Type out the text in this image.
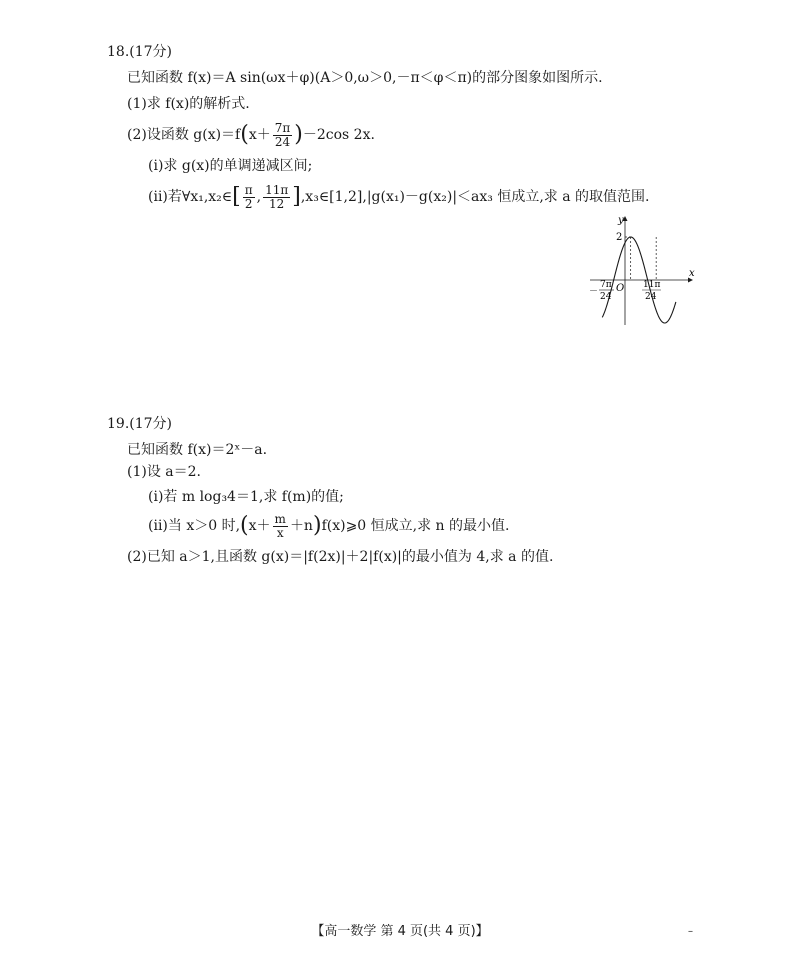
18.(17分)
已知函数 f(x)＝A sin(ωx＋φ)(A＞0,ω＞0,－π＜φ＜π)的部分图象如图所示.
(1)求 f(x)的解析式.
(2)设函数 $g(x)=f(x+ \frac{7\pi}{24} )-2\cos$ 2x.
(ⅰ)求 g(x)的单调递减区间;
(ⅱ)若∀x₁,x₂∈[ $\frac{\pi}{2}$ , $\frac{11\pi}{12}$ ],x₃∈[1,2],|g(x₁)－g(x₂)|＜ax₃ 恒成立,求 a 的取值范围.
y
x
2
O
－
7π
24
11π
24
19.(17分)
已知函数 f(x)＝2ˣ－a.
(1)设 a＝2.
(ⅰ)若 m log₃4＝1,求 f(m)的值;
(ⅱ)当 x＞0 时$,(x+ \frac{m}{x}$ ＋n)f(x)⩾0 恒成立,求 n 的最小值.
(2)已知 a＞1,且函数 g(x)＝|f(2x)|＋2|f(x)|的最小值为 4,求 a 的值.
【高一数学 第 4 页(共 4 页)】	–
